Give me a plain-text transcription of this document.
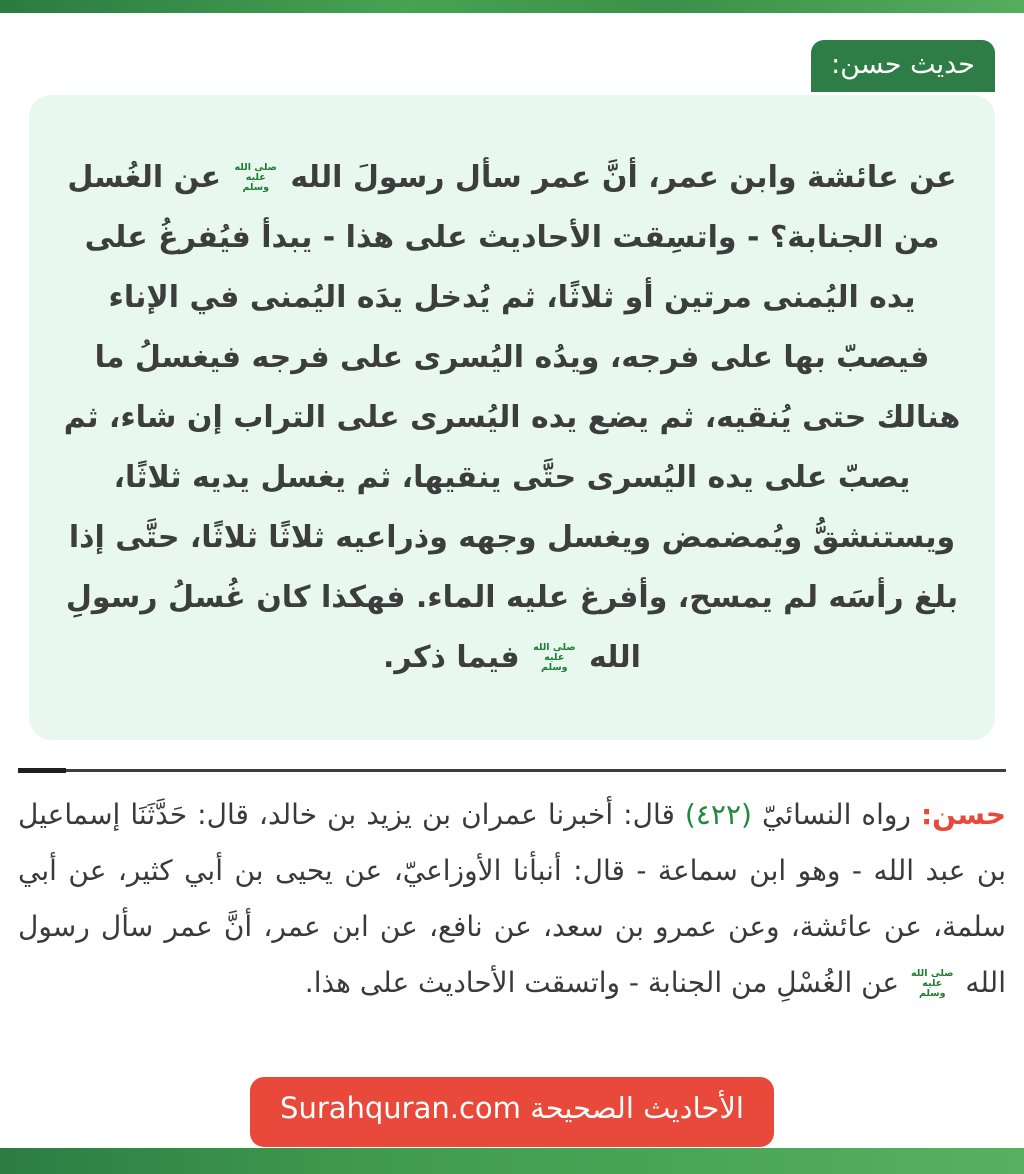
حديث حسن:

عن عائشة وابن عمر، أنَّ عمر سأل رسولَ الله
صلى الله
عليه
وسلم
عن الغُسل من الجنابة؟ - واتسِقت الأحاديث على هذا - يبدأ فيُفرغُ على يده اليُمنى مرتين أو ثلاثًا، ثم يُدخل يدَه اليُمنى في الإناء فيصبّ بها على فرجه، ويدُه اليُسرى على فرجه فيغسلُ ما هنالك حتى يُنقيه، ثم يضع يده اليُسرى على التراب إن شاء، ثم يصبّ على يده اليُسرى حتَّى ينقيها، ثم يغسل يديه ثلاثًا، ويستنشقُّ ويُمضمض ويغسل وجهه وذراعيه ثلاثًا ثلاثًا، حتَّى إذا بلغ رأسَه لم يمسح، وأفرغ عليه الماء. فهكذا كان غُسلُ رسولِ الله
صلى الله
عليه
وسلم
فيما ذكر.

حسن: رواه النسائيّ (٤٢٢) قال: أخبرنا عمران بن يزيد بن خالد، قال: حَدَّثَنَا إسماعيل بن عبد الله - وهو ابن سماعة - قال: أنبأنا الأوزاعيّ، عن يحيى بن أبي كثير، عن أبي سلمة، عن عائشة، وعن عمرو بن سعد، عن نافع، عن ابن عمر، أنَّ عمر سأل رسول الله
صلى الله
عليه
وسلم
عن الغُسْلِ من الجنابة - واتسقت الأحاديث على هذا.

الأحاديث الصحيحة Surahquran.com
